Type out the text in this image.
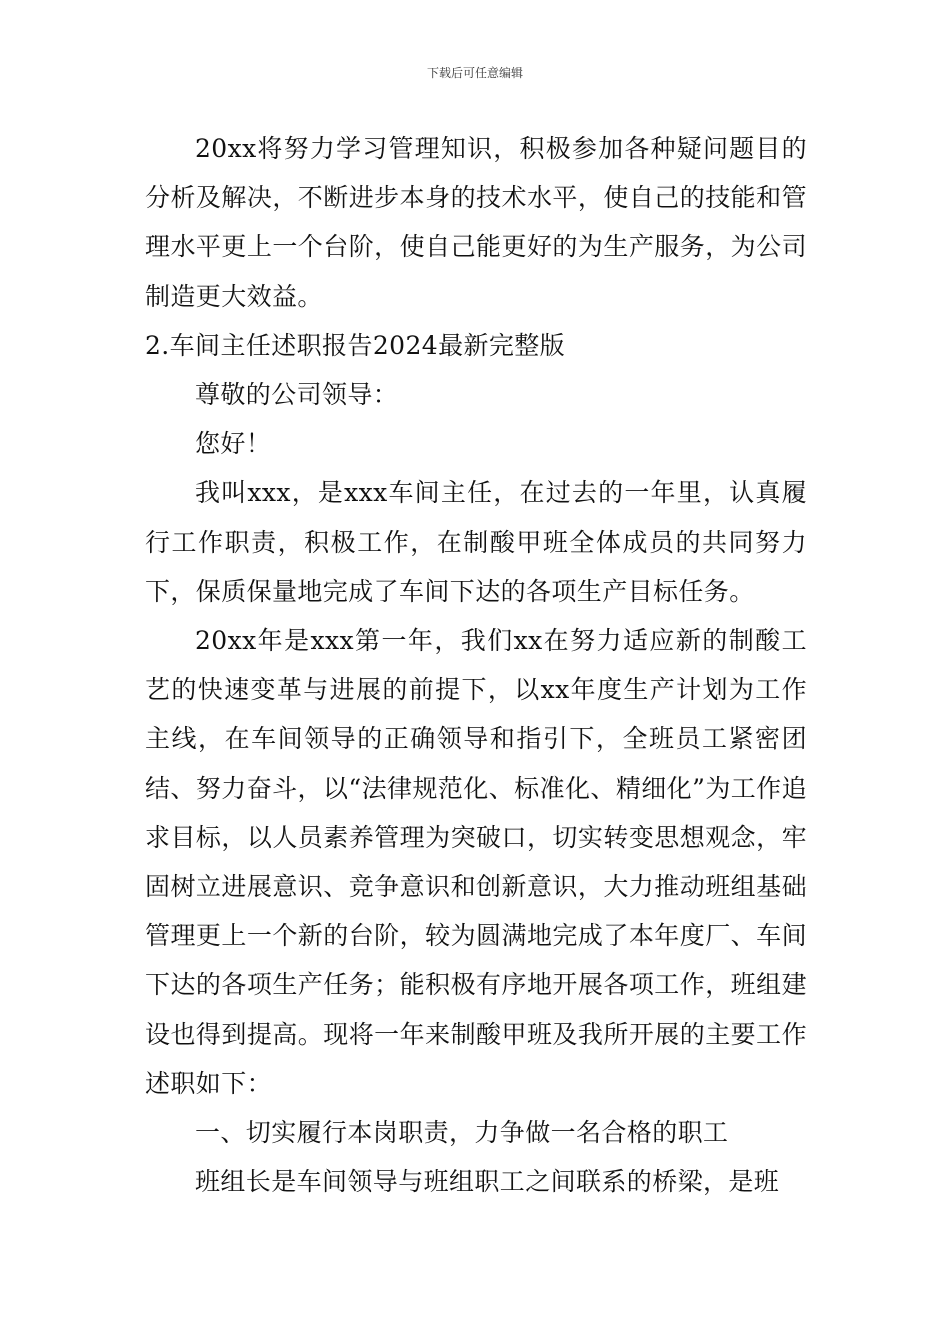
下载后可任意编辑

20xx将努力学习管理知识，积极参加各种疑问题目的分析及解决，不断进步本身的技术水平，使自己的技能和管理水平更上一个台阶，使自己能更好的为生产服务，为公司制造更大效益。

2.车间主任述职报告2024最新完整版

尊敬的公司领导：

您好！

我叫xxx，是xxx车间主任，在过去的一年里，认真履行工作职责，积极工作，在制酸甲班全体成员的共同努力下，保质保量地完成了车间下达的各项生产目标任务。

20xx年是xxx第一年，我们xx在努力适应新的制酸工艺的快速变革与进展的前提下，以xx年度生产计划为工作主线，在车间领导的正确领导和指引下，全班员工紧密团结、努力奋斗，以“法律规范化、标准化、精细化”为工作追求目标，以人员素养管理为突破口，切实转变思想观念，牢固树立进展意识、竞争意识和创新意识，大力推动班组基础管理更上一个新的台阶，较为圆满地完成了本年度厂、车间下达的各项生产任务；能积极有序地开展各项工作，班组建设也得到提高。现将一年来制酸甲班及我所开展的主要工作述职如下：

一、切实履行本岗职责，力争做一名合格的职工

班组长是车间领导与班组职工之间联系的桥梁，是班
